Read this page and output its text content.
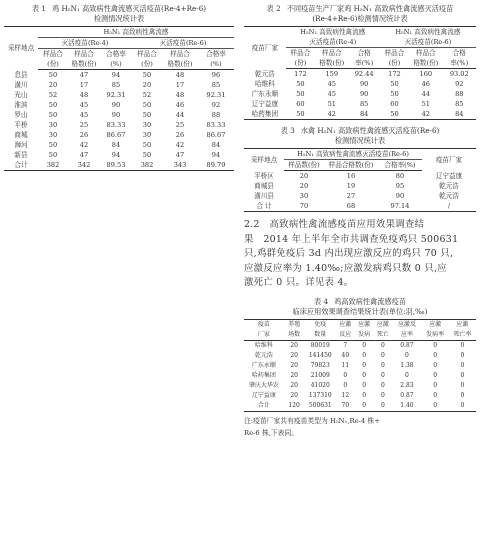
表 1 鸡 H₅N₁ 高致病性禽流感灭活疫苗(Re-4+Re-6)

检测情况统计表

采样地点	H₅N₁ 高致病性禽流感					
	灭活疫苗(Re-4)			灭活疫苗(Re-6)		
	样品合	样品合	合格率	样品合	样品合	合格率
	(份)	格数(份)	(%)	(份)	格数(份)	(%)
息县	50	47	94	50	48	96
潢川	20	17	85	20	17	85
光山	52	48	92.31	52	48	92.31
淮滨	50	45	90	50	46	92
罗山	50	45	90	50	44	88
平桥	30	25	83.33	30	25	83.33
商城	30	26	86.67	30	26	86.67
浉河	50	42	84	50	42	84
新县	50	47	94	50	47	94
合计	382	342	89.53	382	343	89.79

表 2 不同疫苗生产厂家鸡 H₅N₁ 高致病性禽流感灭活疫苗

(Re-4+Re-6)检测情况统计表

疫苗厂家	H₅N₁ 高致病性禽流感			H₅N₁ 高致病性禽流感		
	灭活疫苗(Re-4)			灭活疫苗(Re-6)		
	样品合	样品合	合格	样品合	样品合	合格
	(份)	格数(份)	率(%)	(份)	格数(份)	率(%)
乾元浩	172	159	92.44	172	160	93.02
哈维科	50	45	90	50	46	92
广东永顺	50	45	90	50	44	88
辽宁益康	60	51	85	60	51	85
哈药集团	50	42	84	50	42	84

表 3 水禽 H₅N₁ 高致病性禽流感灭活疫苗(Re-6)

检测情况统计表

采样地点	H₅N₁ 高致病性禽流感灭活疫苗(Re-6)			疫苗厂家
	样品数(份)	样品合格数(份)	合格率(%)	
平桥区	20	16	80	辽宁益康
商城县	20	19	95	乾元浩
潢川县	30	27	90	乾元浩
合 计	70	68	97.14	/

2.2　高致病性禽流感疫苗应用效果调查结

果　2014 年上半年全市共调查免疫鸡只 500631

只,鸡群免疫后 3d 内出现应激反应的鸡只 70 只,

应激反应率为 1.40‰;应激发病鸡只数 0 只,应

激死亡 0 只。详见表 4。

表 4 鸡高致病性禽流感疫苗

临床应用效果调查结果统计表(单位:羽,‰)

疫苗	养殖	免疫	应激	应激	应激	应激反	应激	应激
厂家	场数	数量	反应	发病	死亡	应率	发病率	死亡率
哈维科	20	80019	7	0	0	0.87	0	0
乾元浩	20	141450	40	0	0	0	0	0
广东永顺	20	79823	11	0	0	1.38	0	0
哈药集团	20	21009	0	0	0	0	0	0
肇庆大华农	20	41020	0	0	0	2.83	0	0
辽宁益康	20	137310	12	0	0	0.87	0	0
合计	120	500631	70	0	0	1.40	0	0

注:疫苗厂家共有疫苗类型为 H₅N₁,Re-4 株+

Re-6 株,下表同。
